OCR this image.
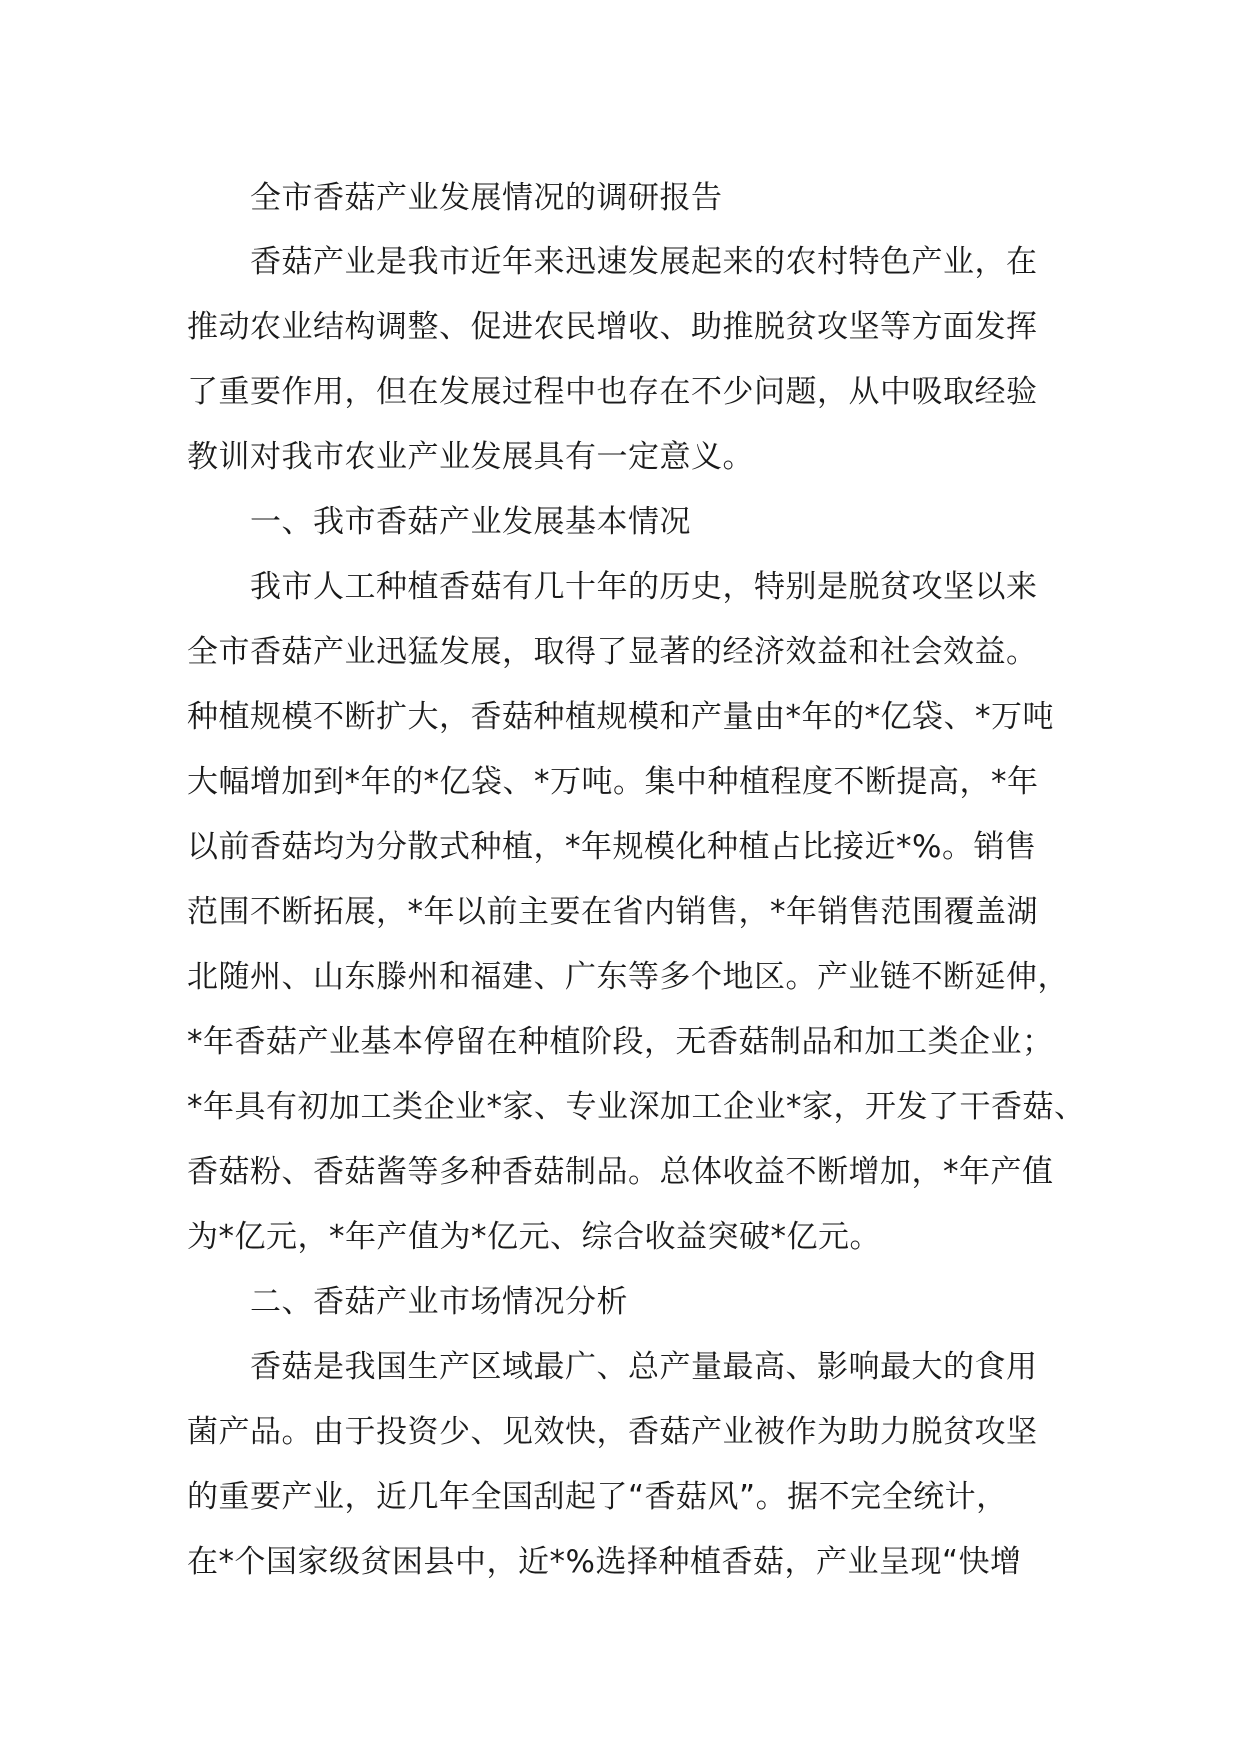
全市香菇产业发展情况的调研报告

香菇产业是我市近年来迅速发展起来的农村特色产业，在

推动农业结构调整、促进农民增收、助推脱贫攻坚等方面发挥

了重要作用，但在发展过程中也存在不少问题，从中吸取经验

教训对我市农业产业发展具有一定意义。

一、我市香菇产业发展基本情况

我市人工种植香菇有几十年的历史，特别是脱贫攻坚以来

全市香菇产业迅猛发展，取得了显著的经济效益和社会效益。

种植规模不断扩大，香菇种植规模和产量由*年的*亿袋、*万吨

大幅增加到*年的*亿袋、*万吨。集中种植程度不断提高，*年

以前香菇均为分散式种植，*年规模化种植占比接近*%。销售

范围不断拓展，*年以前主要在省内销售，*年销售范围覆盖湖

北随州、山东滕州和福建、广东等多个地区。产业链不断延伸，

*年香菇产业基本停留在种植阶段，无香菇制品和加工类企业；

*年具有初加工类企业*家、专业深加工企业*家，开发了干香菇、

香菇粉、香菇酱等多种香菇制品。总体收益不断增加，*年产值

为*亿元，*年产值为*亿元、综合收益突破*亿元。

二、香菇产业市场情况分析

香菇是我国生产区域最广、总产量最高、影响最大的食用

菌产品。由于投资少、见效快，香菇产业被作为助力脱贫攻坚

的重要产业，近几年全国刮起了“香菇风”。据不完全统计，

在*个国家级贫困县中，近*%选择种植香菇，产业呈现“快增
